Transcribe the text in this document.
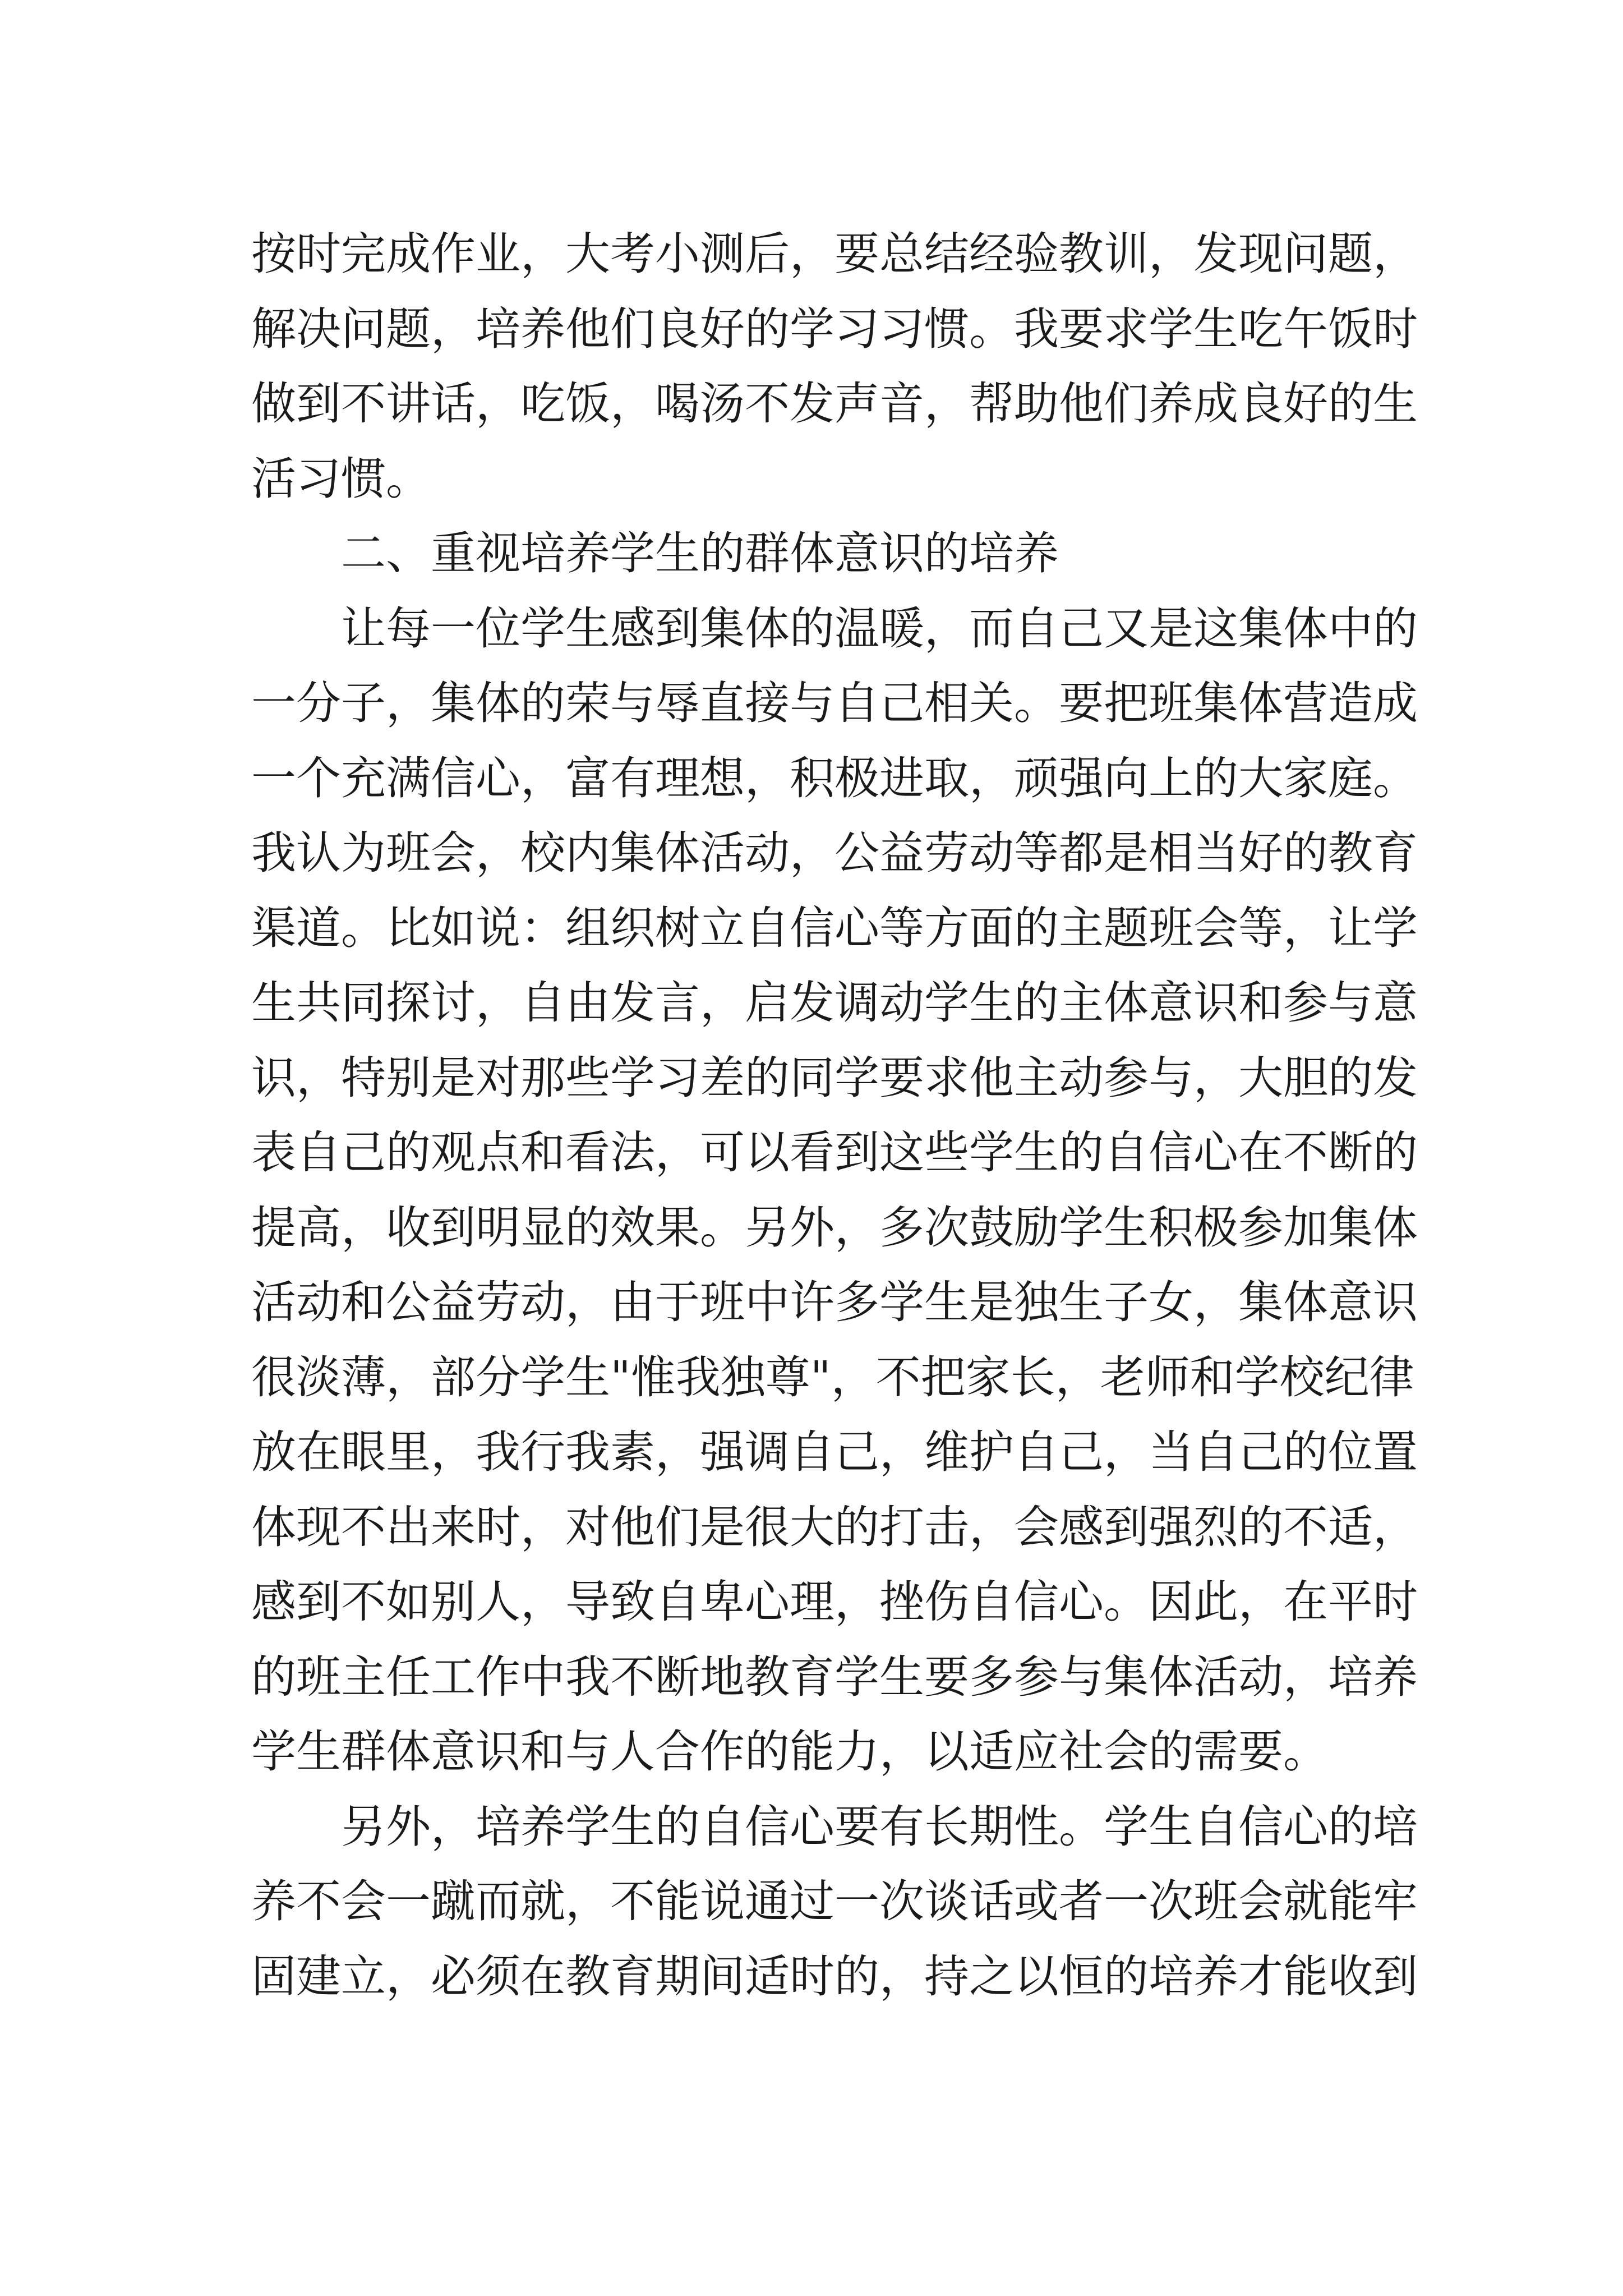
按时完成作业，大考小测后，要总结经验教训，发现问题，
解决问题，培养他们良好的学习习惯。我要求学生吃午饭时
做到不讲话，吃饭，喝汤不发声音，帮助他们养成良好的生
活习惯。

二、重视培养学生的群体意识的培养

让每一位学生感到集体的温暖，而自己又是这集体中的
一分子，集体的荣与辱直接与自己相关。要把班集体营造成
一个充满信心，富有理想，积极进取，顽强向上的大家庭。
我认为班会，校内集体活动，公益劳动等都是相当好的教育
渠道。比如说：组织树立自信心等方面的主题班会等，让学
生共同探讨，自由发言，启发调动学生的主体意识和参与意
识，特别是对那些学习差的同学要求他主动参与，大胆的发
表自己的观点和看法，可以看到这些学生的自信心在不断的
提高，收到明显的效果。另外，多次鼓励学生积极参加集体
活动和公益劳动，由于班中许多学生是独生子女，集体意识
很淡薄，部分学生"惟我独尊"，不把家长，老师和学校纪律
放在眼里，我行我素，强调自己，维护自己，当自己的位置
体现不出来时，对他们是很大的打击，会感到强烈的不适，
感到不如别人，导致自卑心理，挫伤自信心。因此，在平时
的班主任工作中我不断地教育学生要多参与集体活动，培养
学生群体意识和与人合作的能力，以适应社会的需要。

另外，培养学生的自信心要有长期性。学生自信心的培
养不会一蹴而就，不能说通过一次谈话或者一次班会就能牢
固建立，必须在教育期间适时的，持之以恒的培养才能收到
